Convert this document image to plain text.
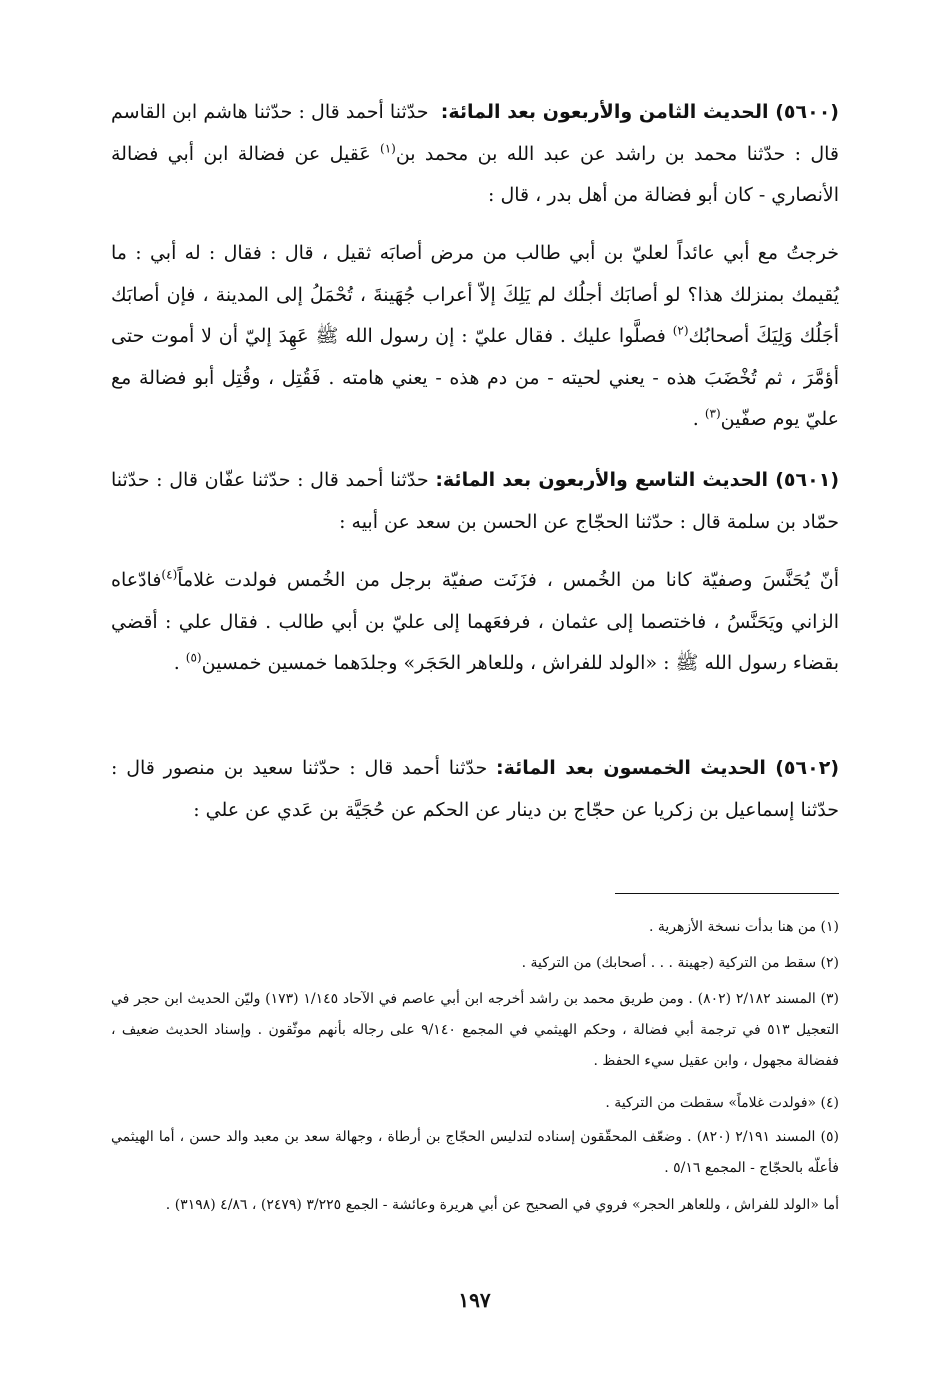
(٥٦٠٠) الحديث الثامن والأربعون بعد المائة:  حدّثنا أحمد قال : حدّثنا هاشم ابن القاسم قال : حدّثنا محمد بن راشد عن عبد الله بن محمد بن$^{(١)}$ عَقيل عن فضالة ابن أبي فضالة الأنصاري - كان أبو فضالة من أهل بدر ، قال :

خرجتُ مع أبي عائداً لعليّ بن أبي طالب من مرض أصابَه ثقيل ، قال : فقال : له أبي : ما يُقيمك بمنزلك هذا؟ لو أصابَك أجلُك لم يَلِكَ إلاّ أعراب جُهَينةَ ، تُحْمَلُ إلى المدينة ، فإن أصابَك أجَلُك وَلِيَكَ أصحابُك$^{(٢)}$ فصلَّوا عليك . فقال عليّ : إن رسول الله ﷺ عَهِدَ إليّ أن لا أموت حتى أؤمَّرَ ، ثم تُخْضَبَ هذه - يعني لحيته - من دم هذه - يعني هامته . فَقُتِل ، وقُتِل أبو فضالة مع عليّ يوم صفّين$^{(٣)}$ .

(٥٦٠١) الحديث التاسع والأربعون بعد المائة: حدّثنا أحمد قال : حدّثنا عفّان قال : حدّثنا حمّاد بن سلمة قال : حدّثنا الحجّاج عن الحسن بن سعد عن أبيه :

أنّ يُحَنَّسَ وصفيّة كانا من الخُمس ، فزَنَت صفيّة برجل من الخُمس فولدت غلاماً$^{(٤)}$فادّعاه الزاني ويَحَنَّسُ ، فاختصما إلى عثمان ، فرفعَهما إلى عليّ بن أبي طالب . فقال علي : أقضي بقضاء رسول الله ﷺ : «الولد للفراش ، وللعاهر الحَجَر» وجلدَهما خمسين خمسين$^{(٥)}$ .

(٥٦٠٢) الحديث الخمسون بعد المائة: حدّثنا أحمد قال : حدّثنا سعيد بن منصور قال : حدّثنا إسماعيل بن زكريا عن حجّاج بن دينار عن الحكم عن حُجَيَّة بن عَدي عن علي :

(١) من هنا بدأت نسخة الأزهرية .

(٢) سقط من التركية (جهينة . . . أصحابك) من التركية .

(٣) المسند ٢/١٨٢ (٨٠٢) . ومن طريق محمد بن راشد أخرجه ابن أبي عاصم في الآحاد ١/١٤٥ (١٧٣) وليّن الحديث ابن حجر في التعجيل ٥١٣ في ترجمة أبي فضالة ، وحكم الهيثمي في المجمع ٩/١٤٠ على رجاله بأنهم موثّقون . وإسناد الحديث ضعيف ، ففضالة مجهول ، وابن عقيل سيء الحفظ .

(٤) «فولدت غلاماً» سقطت من التركية .

(٥) المسند ٢/١٩١ (٨٢٠) . وضعّف المحقّقون إسناده لتدليس الحجّاج بن أرطاة ، وجهالة سعد بن معبد والد حسن ، أما الهيثمي فأعلّه بالحجّاج - المجمع ٥/١٦ .

أما «الولد للفراش ، وللعاهر الحجر» فروي في الصحيح عن أبي هريرة وعائشة - الجمع ٣/٢٢٥ (٢٤٧٩) ، ٤/٨٦ (٣١٩٨) .

١٩٧
